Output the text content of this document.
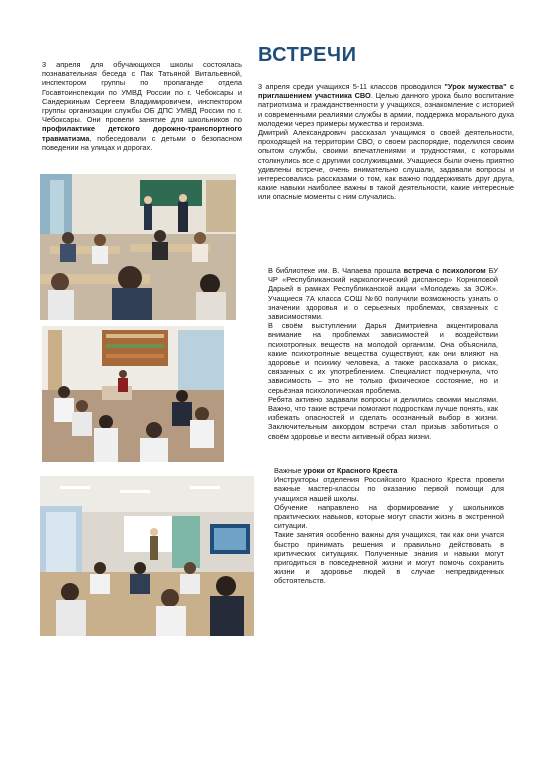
ВСТРЕЧИ

3 апреля для обучающихся школы состоялась познавательная беседа с Пак Татьяной Витальевной, инспектором группы по пропаганде отдела Госавтоинспекции по УМВД России по г. Чебоксары и Сандеркиным Сергеем Владимировичем, инспектором группы организации службы ОБ ДПС УМВД России по г. Чебоксары. Они провели занятие для школьников по профилактике детского дорожно-транспортного травматизма, побеседовали с детьми о безопасном поведении на улицах и дорогах.

3 апреля среди учащихся 5-11 классов проводился "Урок мужества" с приглашением участника СВО. Целью данного урока было воспитание патриотизма и гражданственности у учащихся, ознакомление с историей и современными реалиями службы в армии, поддержка морального духа молодежи через примеры мужества и героизма.

Дмитрий Александрович рассказал учащимся о своей деятельности, проходящей на территории СВО, о своем распорядке, поделился своим опытом службы, своими впечатлениями и трудностями, с которыми столкнулись все с другими сослуживцами. Учащиеся были очень приятно удивлены встрече, очень внимательно слушали, задавали вопросы и интересовались рассказами о том, как важно поддерживать друг друга, какие навыки наиболее важны в такой деятельности, какие интересные или опасные моменты с ним случались.

В библиотеке им. В. Чапаева прошла встреча с психологом БУ ЧР «Республиканский наркологический диспансер» Корниловой Дарьей в рамках Республиканской акции «Молодежь за ЗОЖ». Учащиеся 7А класса СОШ №60 получили возможность узнать о значении здоровья и о серьезных проблемах, связанных с зависимостями.

В своём выступлении Дарья Дмитриевна акцентировала внимание на проблемах зависимостей и воздействии психотропных веществ на молодой организм. Она объяснила, какие психотропные вещества существуют, как они влияют на здоровье и психику человека, а также рассказала о рисках, связанных с их употреблением. Специалист подчеркнула, что зависимость – это не только физическое состояние, но и серьёзная психологическая проблема.

Ребята активно задавали вопросы и делились своими мыслями. Важно, что такие встречи помогают подросткам лучше понять, как избежать опасностей и сделать осознанный выбор в жизни. Заключительным аккордом встречи стал призыв заботиться о своём здоровье и вести активный образ жизни.

Важные уроки от Красного Креста

Инструкторы отделения Российского Красного Креста провели важные мастер-классы по оказанию первой помощи для учащихся нашей школы.

Обучение направлено на формирование у школьников практических навыков, которые могут спасти жизнь в экстренной ситуации.

Такие занятия особенно важны для учащихся, так как они учатся быстро принимать решения и правильно действовать в критических ситуациях. Полученные знания и навыки могут пригодиться в повседневной жизни и могут помочь сохранить жизни и здоровье людей в случае непредвиденных обстоятельств.
